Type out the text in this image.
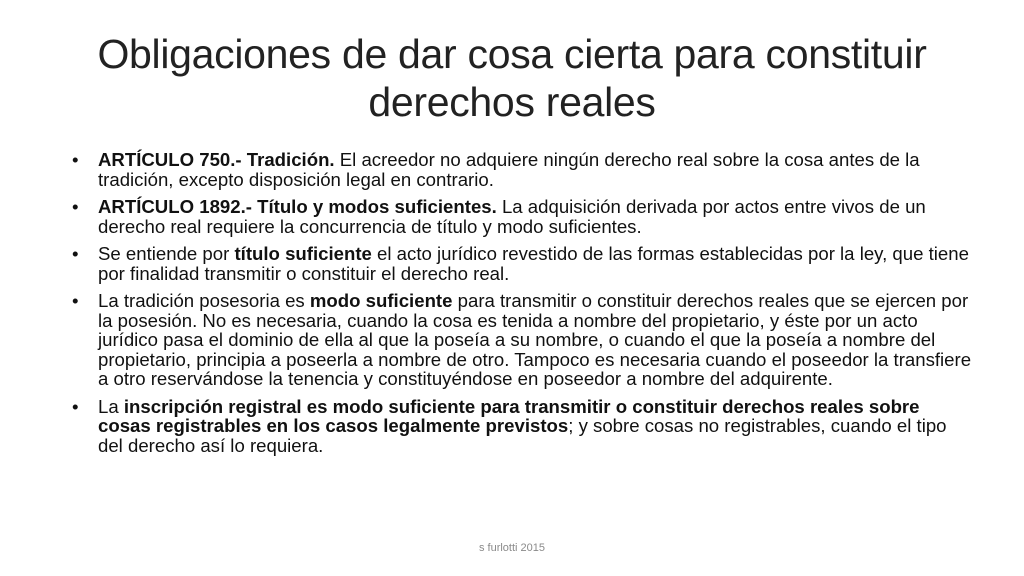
Obligaciones de dar cosa cierta para constituir derechos reales
•	ARTÍCULO 750.- Tradición. El acreedor no adquiere ningún derecho real sobre la cosa antes de la tradición, excepto disposición legal en contrario.
•	ARTÍCULO 1892.- Título y modos suficientes. La adquisición derivada por actos entre vivos de un derecho real requiere la concurrencia de título y modo suficientes.
•	Se entiende por título suficiente el acto jurídico revestido de las formas establecidas por la ley, que tiene por finalidad transmitir o constituir el derecho real.
•	La tradición posesoria es modo suficiente para transmitir o constituir derechos reales que se ejercen por la posesión. No es necesaria, cuando la cosa es tenida a nombre del propietario, y éste por un acto jurídico pasa el dominio de ella al que la poseía a su nombre, o cuando el que la poseía a nombre del propietario, principia a poseerla a nombre de otro. Tampoco es necesaria cuando el poseedor la transfiere a otro reservándose la tenencia y constituyéndose en poseedor a nombre del adquirente.
•	La inscripción registral es modo suficiente para transmitir o constituir derechos reales sobre cosas registrables en los casos legalmente previstos; y sobre cosas no registrables, cuando el tipo del derecho así lo requiera.
s furlotti 2015
